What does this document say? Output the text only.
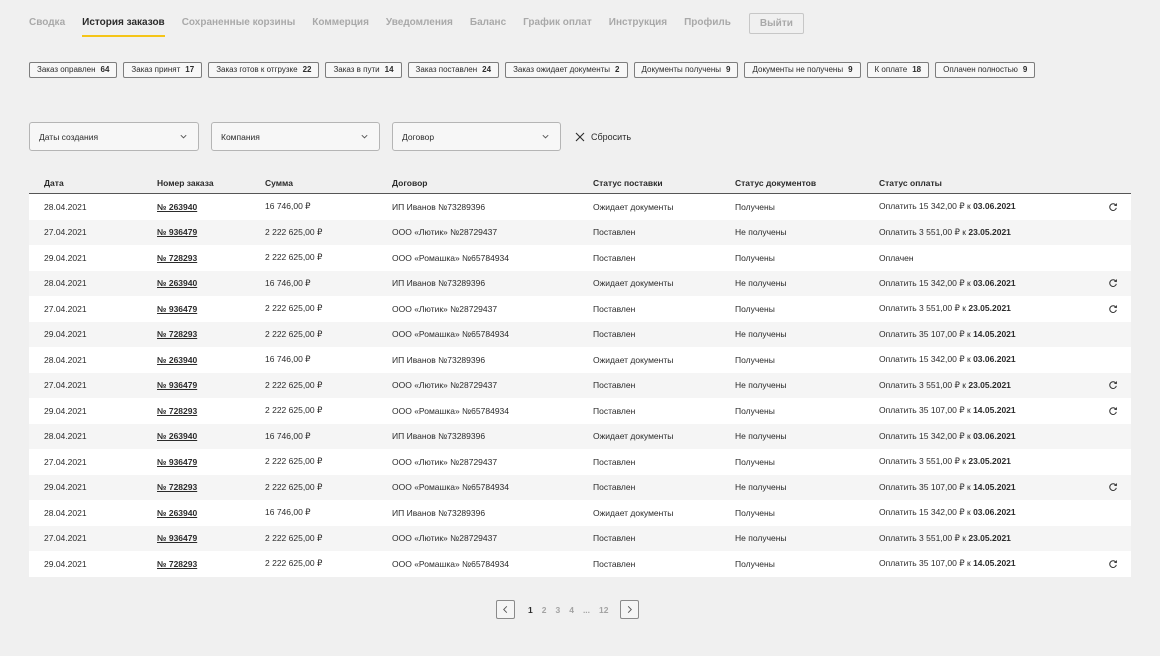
Сводка История заказов Сохраненные корзины Коммерция Уведомления Баланс График оплат Инструкция Профиль	Выйти
Заказ оправлен 64	Заказ принят 17	Заказ готов к отгрузке 22	Заказ в пути 14	Заказ поставлен 24	Заказ ожидает документы 2	Документы получены 9	Документы не получены 9	К оплате 18	Оплачен полностью 9
Даты создания	Компания	Договор	Сбросить
Дата	Номер заказа	Сумма	Договор	Статус поставки	Статус документов	Статус оплаты
28.04.2021	№ 263940	16 746,00 ₽	ИП Иванов №73289396	Ожидает документы	Получены	Оплатить 15 342,00 ₽ к 03.06.2021
27.04.2021	№ 936479	2 222 625,00 ₽	ООО «Лютик» №28729437	Поставлен	Не получены	Оплатить 3 551,00 ₽ к 23.05.2021
29.04.2021	№ 728293	2 222 625,00 ₽	ООО «Ромашка» №65784934	Поставлен	Получены	Оплачен
28.04.2021	№ 263940	16 746,00 ₽	ИП Иванов №73289396	Ожидает документы	Не получены	Оплатить 15 342,00 ₽ к 03.06.2021
27.04.2021	№ 936479	2 222 625,00 ₽	ООО «Лютик» №28729437	Поставлен	Получены	Оплатить 3 551,00 ₽ к 23.05.2021
29.04.2021	№ 728293	2 222 625,00 ₽	ООО «Ромашка» №65784934	Поставлен	Не получены	Оплатить 35 107,00 ₽ к 14.05.2021
28.04.2021	№ 263940	16 746,00 ₽	ИП Иванов №73289396	Ожидает документы	Получены	Оплатить 15 342,00 ₽ к 03.06.2021
27.04.2021	№ 936479	2 222 625,00 ₽	ООО «Лютик» №28729437	Поставлен	Не получены	Оплатить 3 551,00 ₽ к 23.05.2021
29.04.2021	№ 728293	2 222 625,00 ₽	ООО «Ромашка» №65784934	Поставлен	Получены	Оплатить 35 107,00 ₽ к 14.05.2021
28.04.2021	№ 263940	16 746,00 ₽	ИП Иванов №73289396	Ожидает документы	Не получены	Оплатить 15 342,00 ₽ к 03.06.2021
27.04.2021	№ 936479	2 222 625,00 ₽	ООО «Лютик» №28729437	Поставлен	Получены	Оплатить 3 551,00 ₽ к 23.05.2021
29.04.2021	№ 728293	2 222 625,00 ₽	ООО «Ромашка» №65784934	Поставлен	Не получены	Оплатить 35 107,00 ₽ к 14.05.2021
28.04.2021	№ 263940	16 746,00 ₽	ИП Иванов №73289396	Ожидает документы	Получены	Оплатить 15 342,00 ₽ к 03.06.2021
27.04.2021	№ 936479	2 222 625,00 ₽	ООО «Лютик» №28729437	Поставлен	Не получены	Оплатить 3 551,00 ₽ к 23.05.2021
29.04.2021	№ 728293	2 222 625,00 ₽	ООО «Ромашка» №65784934	Поставлен	Получены	Оплатить 35 107,00 ₽ к 14.05.2021
1 2 3 4 ... 12
